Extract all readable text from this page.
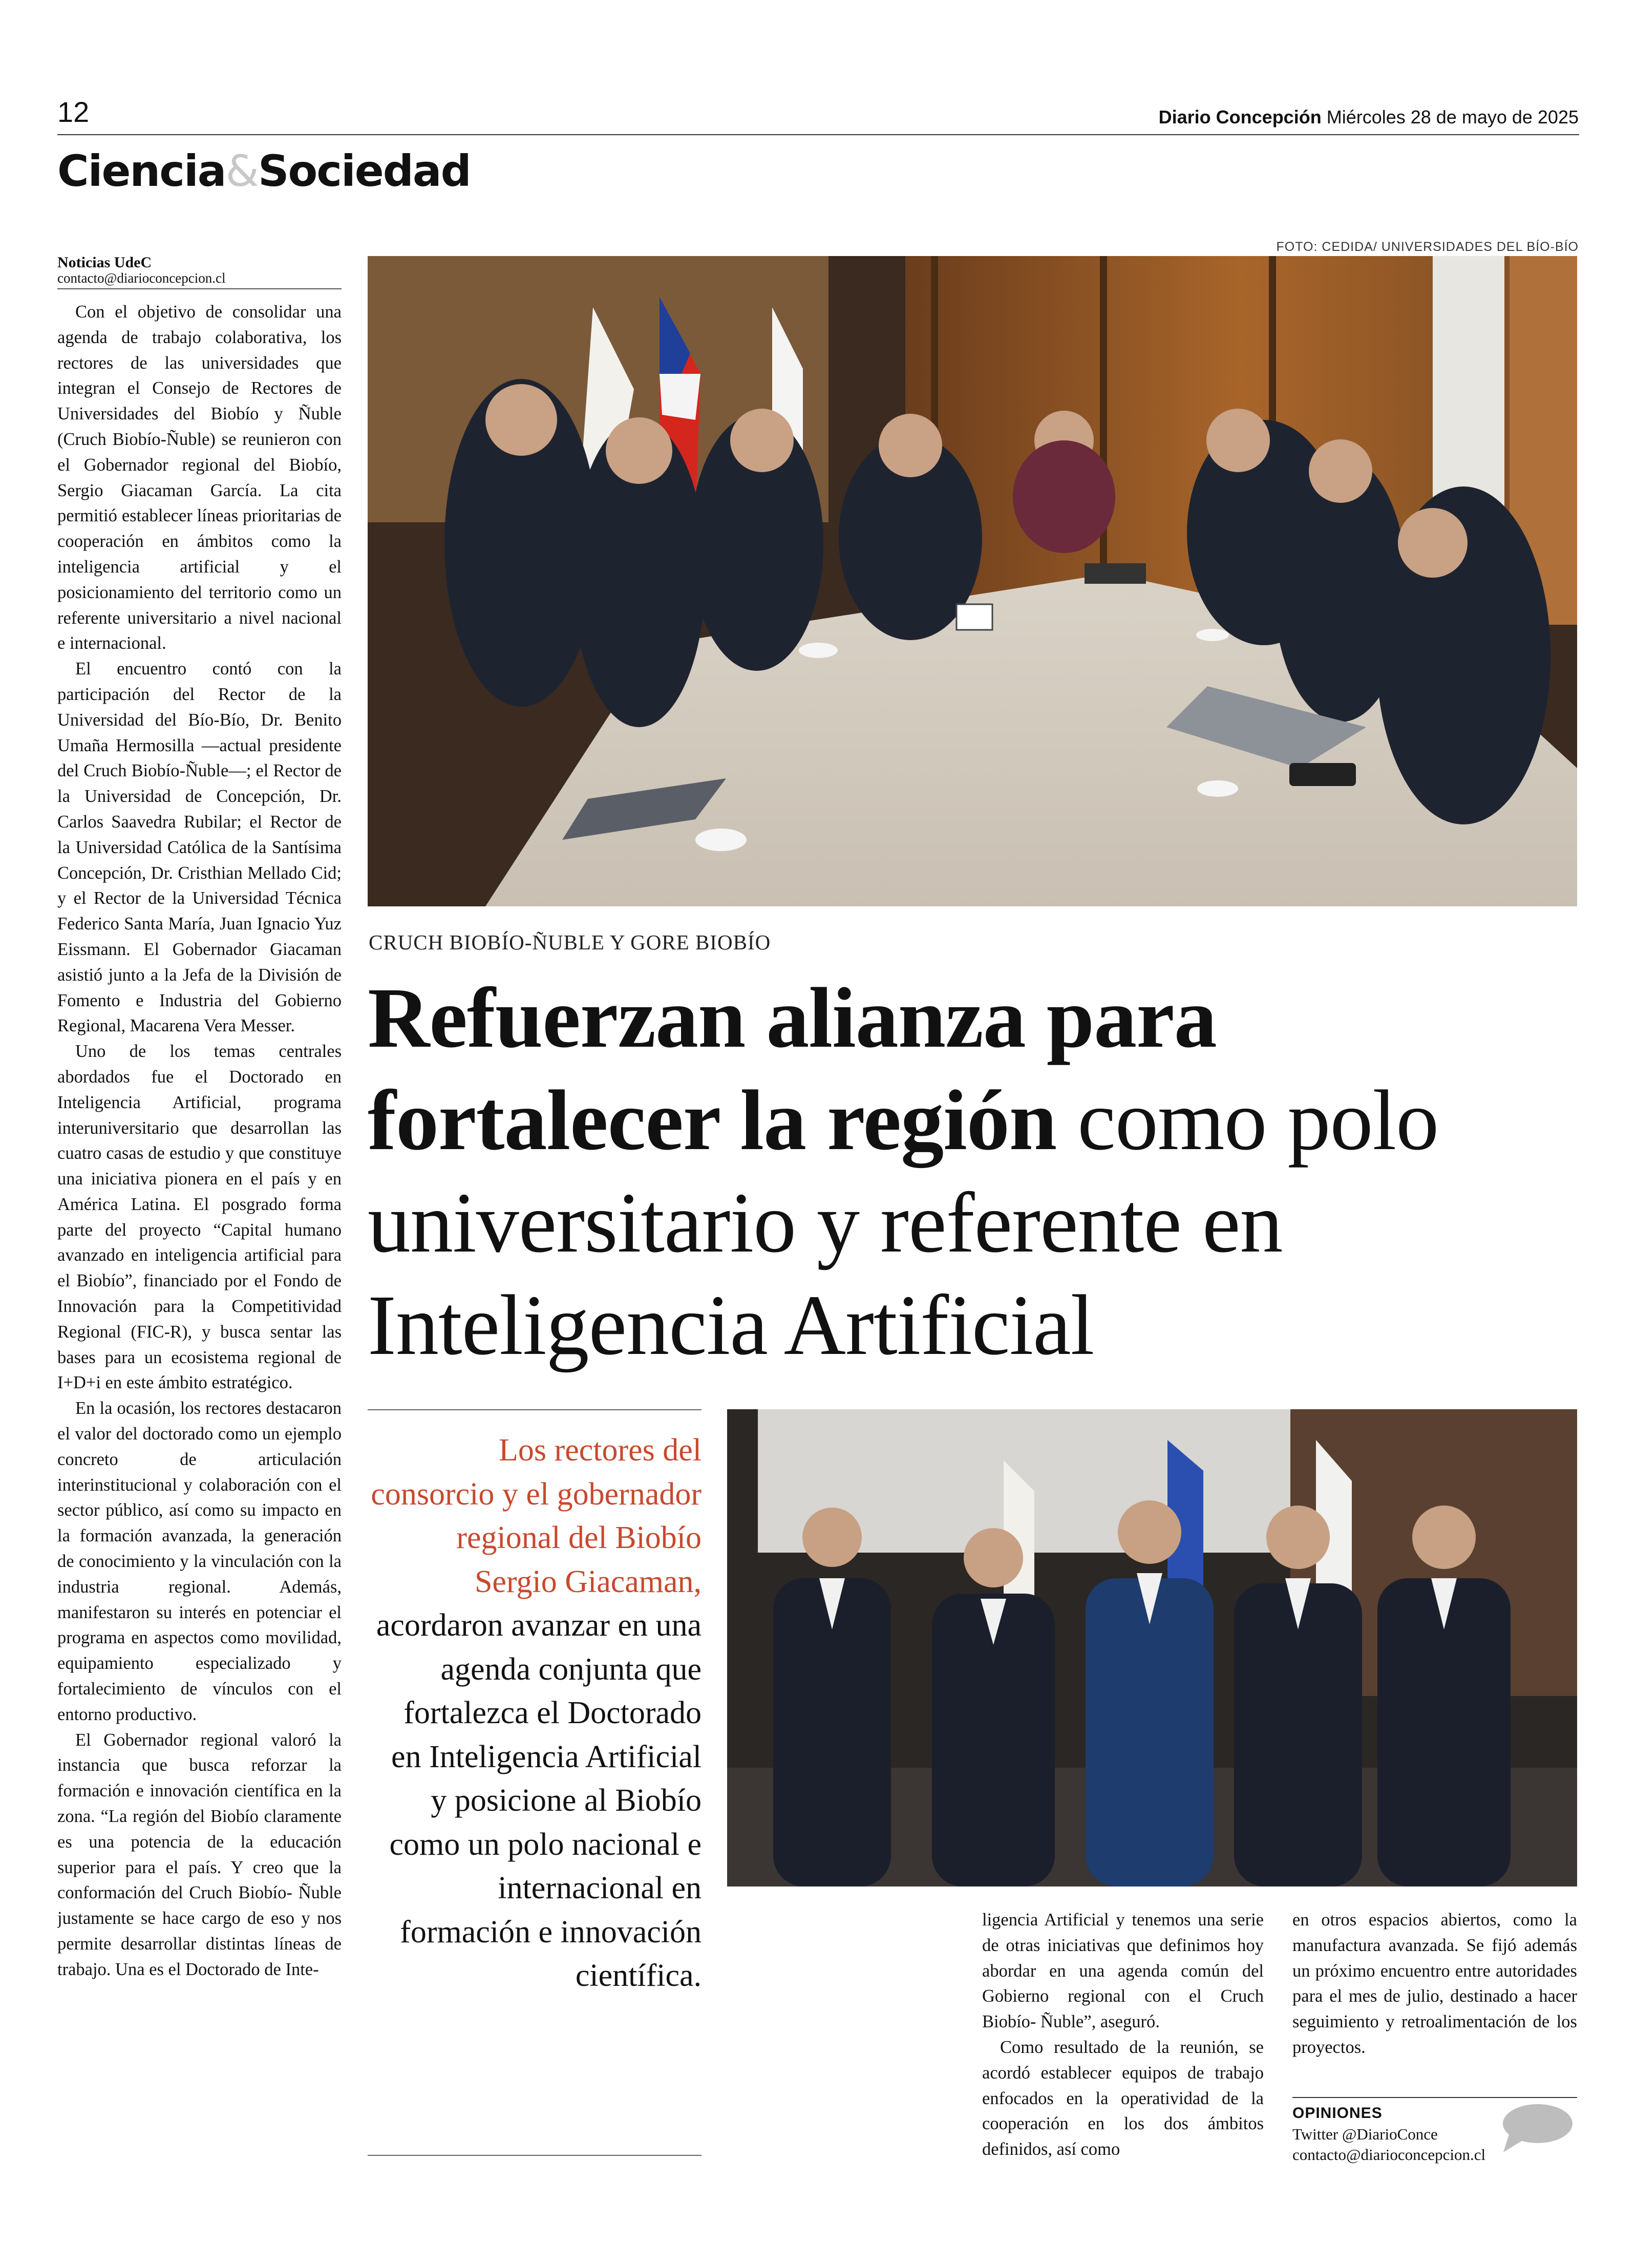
12	Diario Concepción Miércoles 28 de mayo de 2025
Ciencia&Sociedad
Noticias UdeC
contacto@diarioconcepcion.cl

Con el objetivo de consolidar una agenda de trabajo colaborativa, los rectores de las universidades que integran el Consejo de Rectores de Universidades del Biobío y Ñuble (Cruch Biobío-Ñuble) se reunieron con el Gobernador regional del Biobío, Sergio Giacaman García. La cita permitió establecer líneas prioritarias de cooperación en ámbitos como la inteligencia artificial y el posicionamiento del territorio como un referente universitario a nivel nacional e internacional.

El encuentro contó con la participación del Rector de la Universidad del Bío-Bío, Dr. Benito Umaña Hermosilla —actual presidente del Cruch Biobío-Ñuble—; el Rector de la Universidad de Concepción, Dr. Carlos Saavedra Rubilar; el Rector de la Universidad Católica de la Santísima Concepción, Dr. Cristhian Mellado Cid; y el Rector de la Universidad Técnica Federico Santa María, Juan Ignacio Yuz Eissmann. El Gobernador Giacaman asistió junto a la Jefa de la División de Fomento e Industria del Gobierno Regional, Macarena Vera Messer.

Uno de los temas centrales abordados fue el Doctorado en Inteligencia Artificial, programa interuniversitario que desarrollan las cuatro casas de estudio y que constituye una iniciativa pionera en el país y en América Latina. El posgrado forma parte del proyecto “Capital humano avanzado en inteligencia artificial para el Biobío”, financiado por el Fondo de Innovación para la Competitividad Regional (FIC-R), y busca sentar las bases para un ecosistema regional de I+D+i en este ámbito estratégico.

En la ocasión, los rectores destacaron el valor del doctorado como un ejemplo concreto de articulación interinstitucional y colaboración con el sector público, así como su impacto en la formación avanzada, la generación de conocimiento y la vinculación con la industria regional. Además, manifestaron su interés en potenciar el programa en aspectos como movilidad, equipamiento especializado y fortalecimiento de vínculos con el entorno productivo.

El Gobernador regional valoró la instancia que busca reforzar la formación e innovación científica en la zona. “La región del Biobío claramente es una potencia de la educación superior para el país. Y creo que la conformación del Cruch Biobío- Ñuble justamente se hace cargo de eso y nos permite desarrollar distintas líneas de trabajo. Una es el Doctorado de Inte-

FOTO: CEDIDA/ UNIVERSIDADES DEL BÍO-BÍO
CRUCH BIOBÍO-ÑUBLE Y GORE BIOBÍO
Refuerzan alianza para fortalecer la región como polo universitario y referente en Inteligencia Artificial
Los rectores del consorcio y el gobernador regional del Biobío Sergio Giacaman, acordaron avanzar en una agenda conjunta que fortalezca el Doctorado en Inteligencia Artificial y posicione al Biobío como un polo nacional e internacional en formación e innovación científica.

ligencia Artificial y tenemos una serie de otras iniciativas que definimos hoy abordar en una agenda común del Gobierno regional con el Cruch Biobío- Ñuble”, aseguró.

Como resultado de la reunión, se acordó establecer equipos de trabajo enfocados en la operatividad de la cooperación en los dos ámbitos definidos, así como

en otros espacios abiertos, como la manufactura avanzada. Se fijó además un próximo encuentro entre autoridades para el mes de julio, destinado a hacer seguimiento y retroalimentación de los proyectos.

OPINIONES
Twitter @DiarioConce
contacto@diarioconcepcion.cl
